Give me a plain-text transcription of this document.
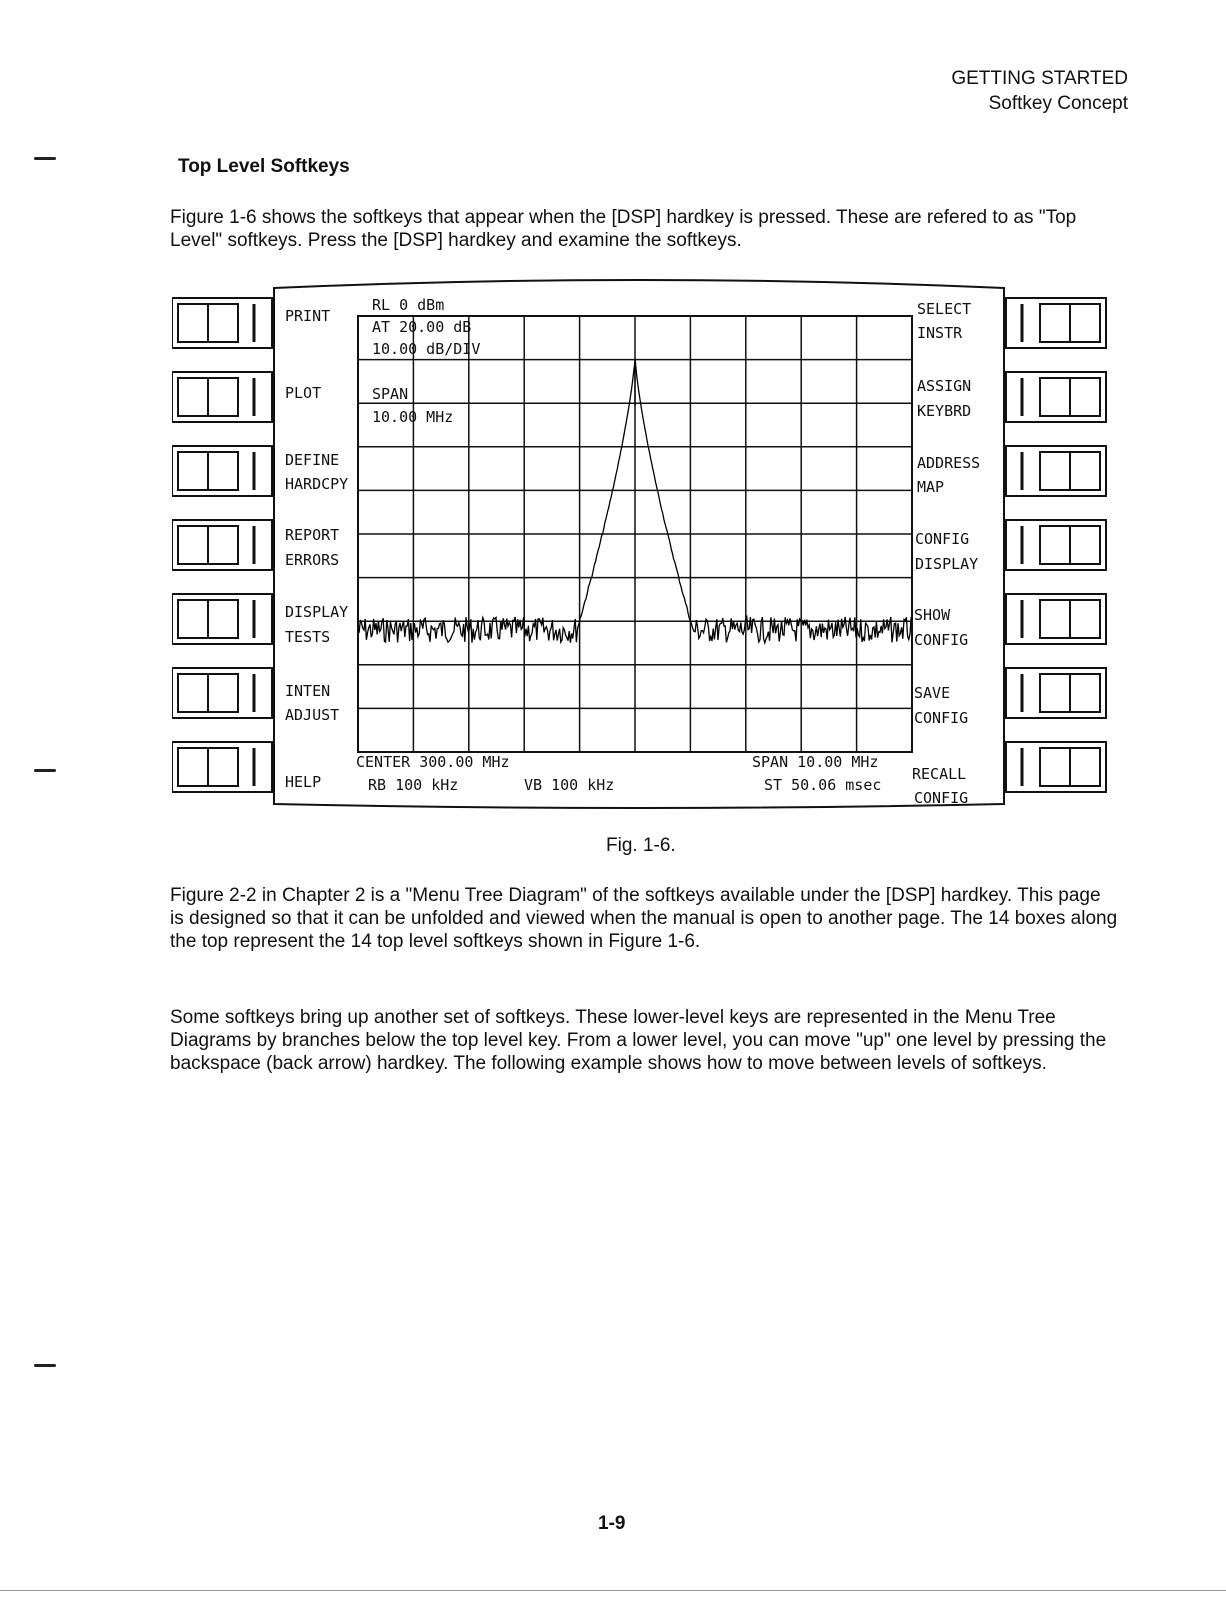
GETTING STARTED
Softkey Concept
Top Level Softkeys

Figure 1-6 shows the softkeys that appear when the [DSP] hardkey is pressed. These are refered to as "Top Level" softkeys. Press the [DSP] hardkey and examine the softkeys.

PRINT
PLOT
DEFINE
HARDCPY
REPORT
ERRORS
DISPLAY
TESTS
INTEN
ADJUST
HELP
SELECT
INSTR
ASSIGN
KEYBRD
ADDRESS
MAP
CONFIG
DISPLAY
SHOW
CONFIG
SAVE
CONFIG
RECALL
CONFIG
RL 0 dBm
AT 20.00 dB
10.00 dB/DIV
SPAN
10.00 MHz
CENTER 300.00 MHz
RB 100 kHz	VB 100 kHz
SPAN 10.00 MHz
ST 50.06 msec
Fig. 1-6.

Figure 2-2 in Chapter 2 is a "Menu Tree Diagram" of the softkeys available under the [DSP] hardkey. This page is designed so that it can be unfolded and viewed when the manual is open to another page. The 14 boxes along the top represent the 14 top level softkeys shown in Figure 1-6.

Some softkeys bring up another set of softkeys. These lower-level keys are represented in the Menu Tree Diagrams by branches below the top level key. From a lower level, you can move "up" one level by pressing the backspace (back arrow) hardkey. The following example shows how to move between levels of softkeys.

1-9
